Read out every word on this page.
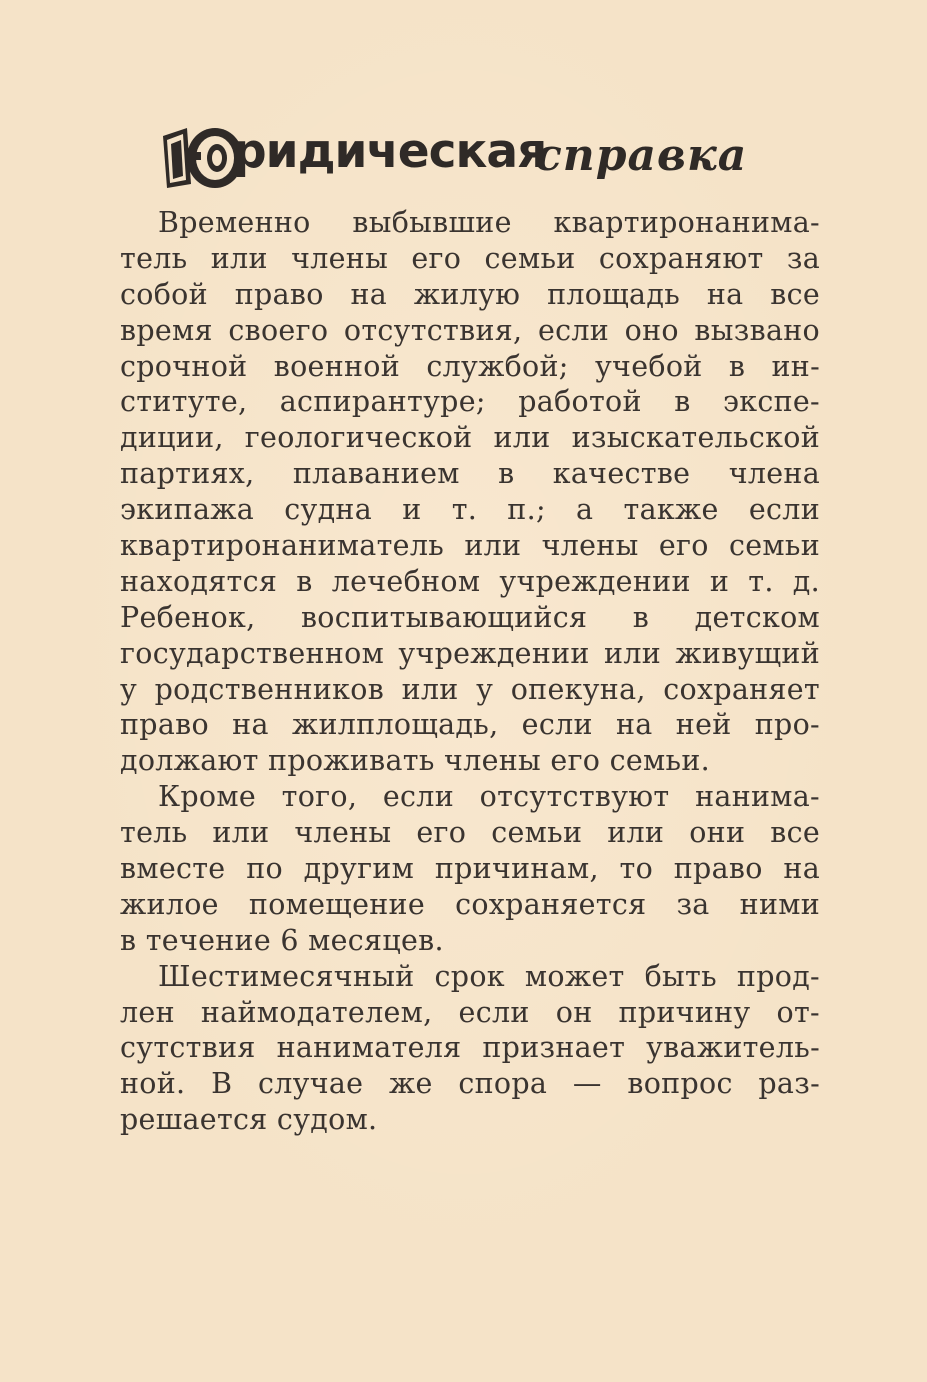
ридическая
справка
Временно выбывшие квартиронанима-
тель или члены его семьи сохраняют за
собой право на жилую площадь на все
время своего отсутствия, если оно вызвано
срочной военной службой; учебой в ин-
ституте, аспирантуре; работой в экспе-
диции, геологической или изыскательской
партиях, плаванием в качестве члена
экипажа судна и т. п.; а также если
квартиронаниматель или члены его семьи
находятся в лечебном учреждении и т. д.
Ребенок, воспитывающийся в детском
государственном учреждении или живущий
у родственников или у опекуна, сохраняет
право на жилплощадь, если на ней про-
должают проживать члены его семьи.
Кроме того, если отсутствуют нанима-
тель или члены его семьи или они все
вместе по другим причинам, то право на
жилое помещение сохраняется за ними
в течение 6 месяцев.
Шестимесячный срок может быть прод-
лен наймодателем, если он причину от-
сутствия нанимателя признает уважитель-
ной. В случае же спора — вопрос раз-
решается судом.
